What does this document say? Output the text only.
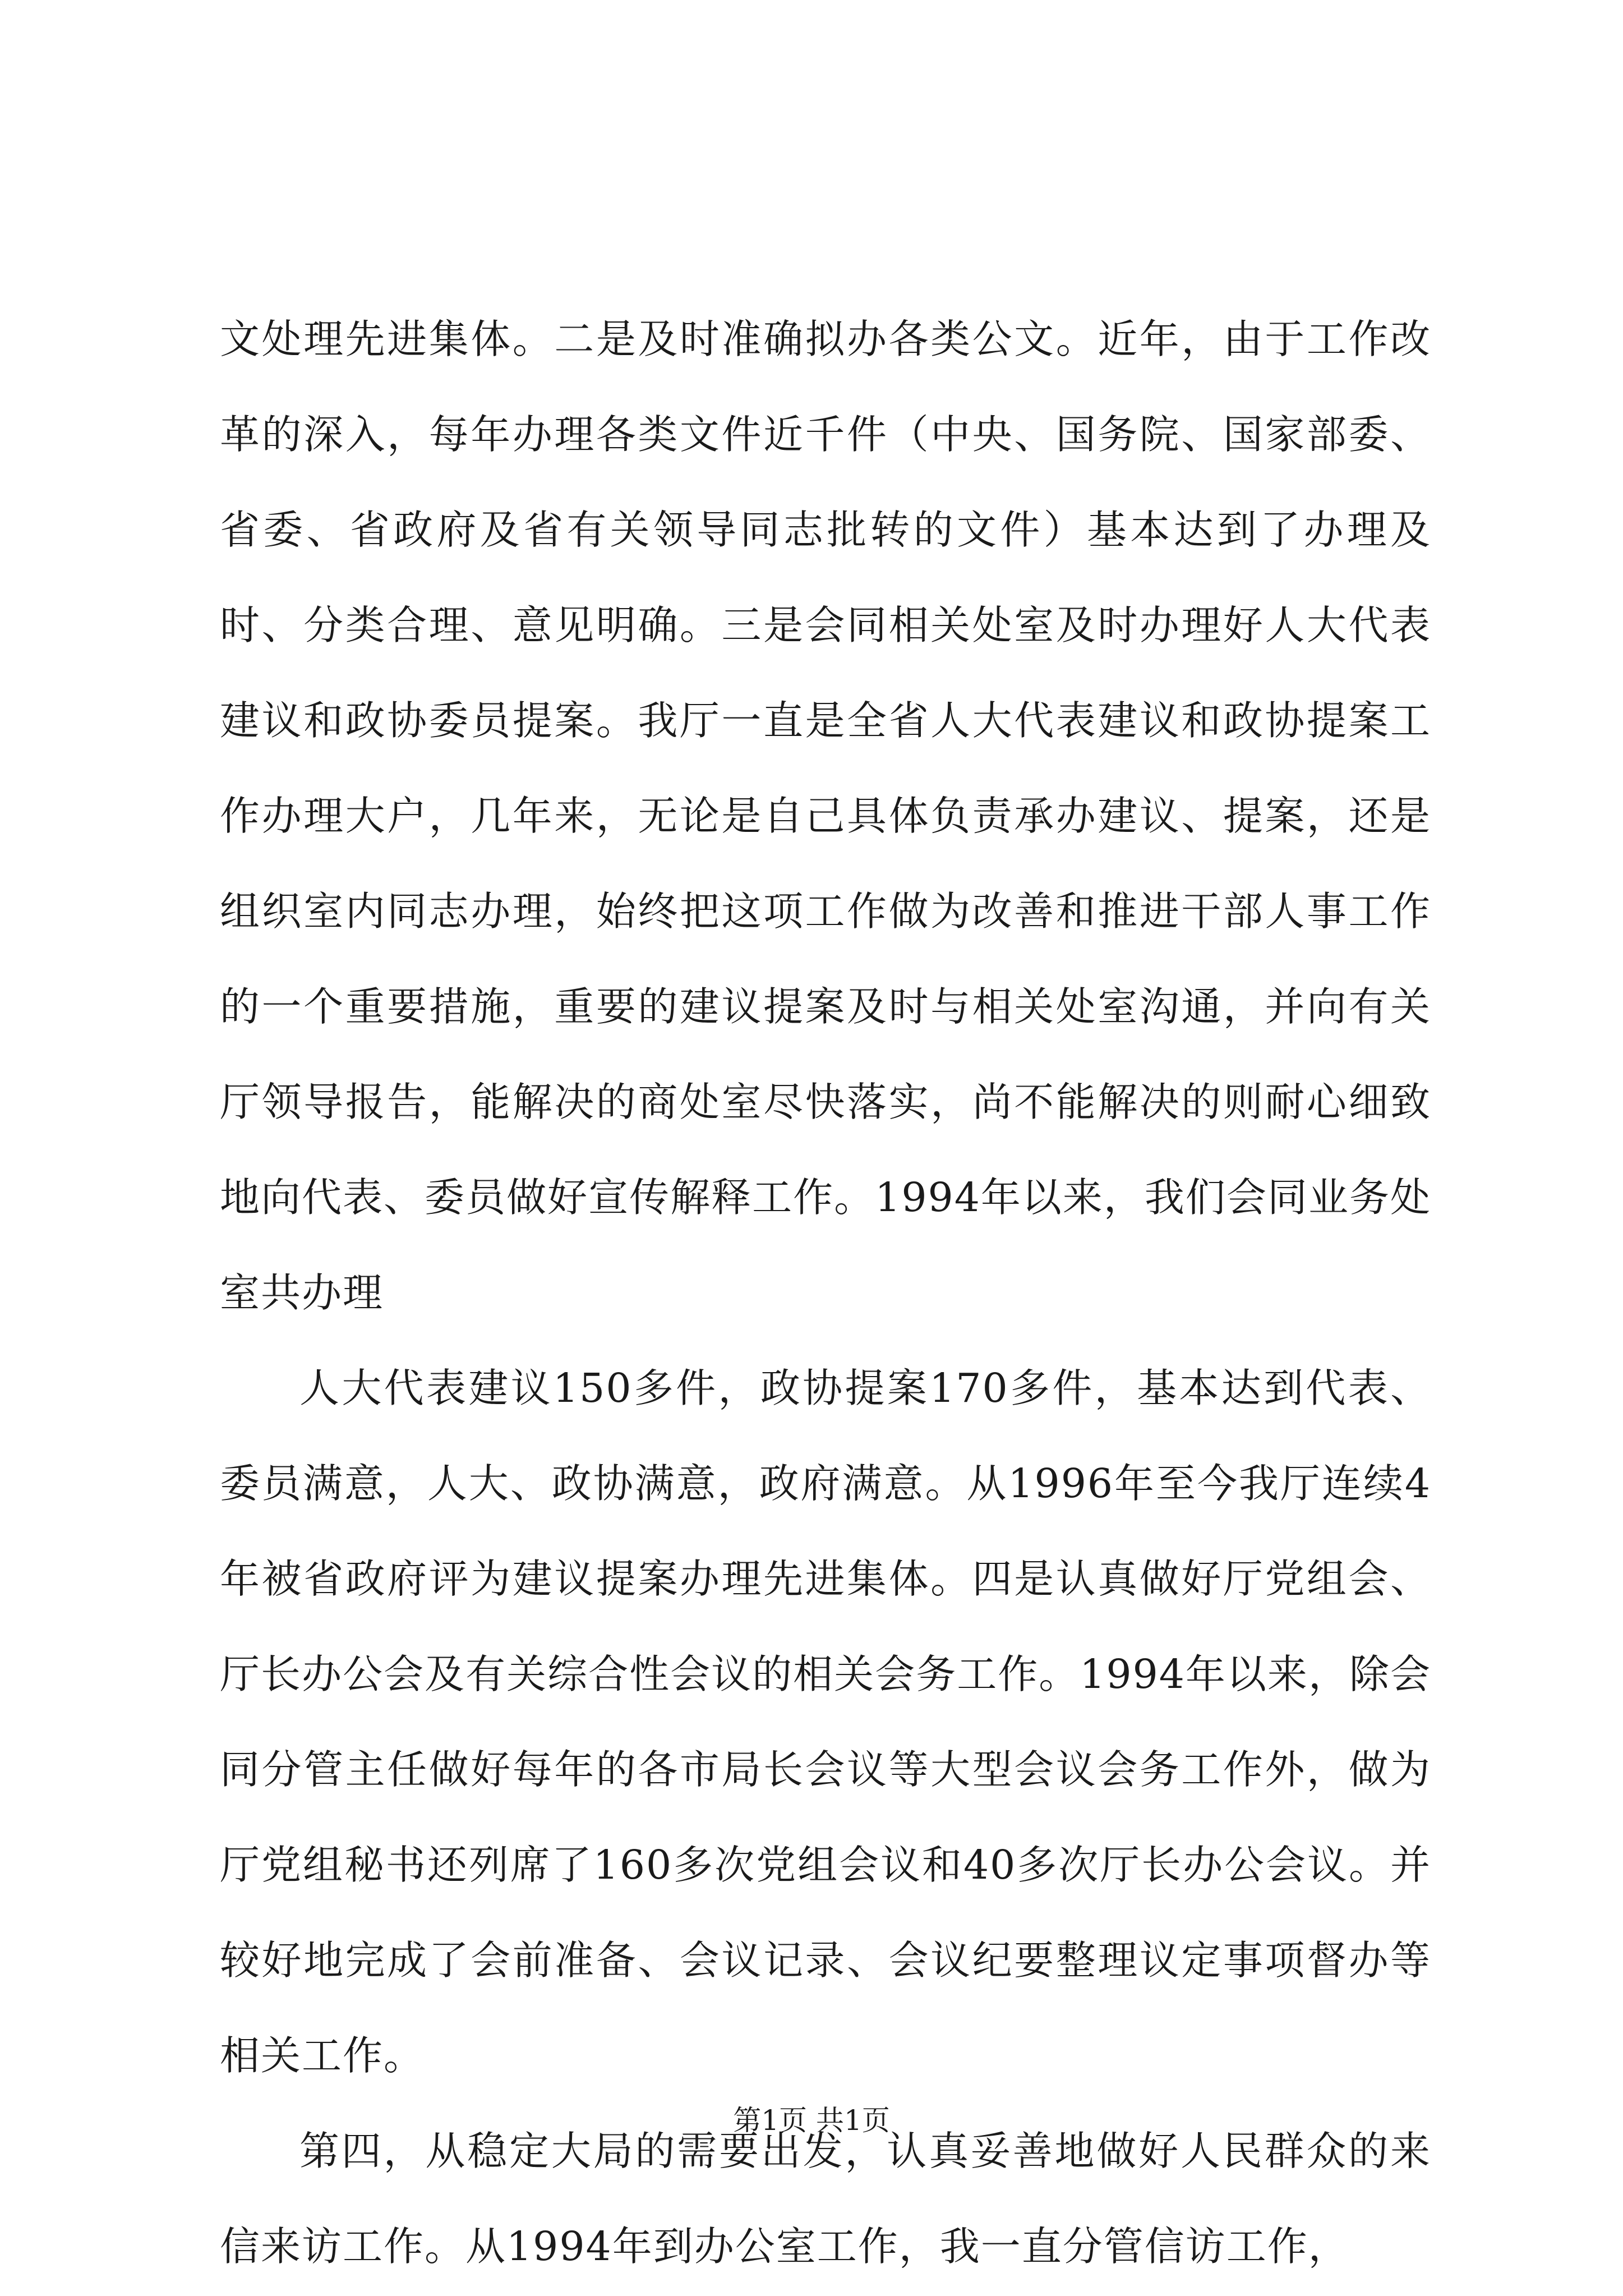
文处理先进集体。二是及时准确拟办各类公文。近年，由于工作改革的深入，每年办理各类文件近千件（中央、国务院、国家部委、省委、省政府及省有关领导同志批转的文件）基本达到了办理及时、分类合理、意见明确。三是会同相关处室及时办理好人大代表建议和政协委员提案。我厅一直是全省人大代表建议和政协提案工作办理大户，几年来，无论是自己具体负责承办建议、提案，还是组织室内同志办理，始终把这项工作做为改善和推进干部人事工作的一个重要措施，重要的建议提案及时与相关处室沟通，并向有关厅领导报告，能解决的商处室尽快落实，尚不能解决的则耐心细致地向代表、委员做好宣传解释工作。1994年以来，我们会同业务处室共办理

人大代表建议150多件，政协提案170多件，基本达到代表、委员满意，人大、政协满意，政府满意。从1996年至今我厅连续4年被省政府评为建议提案办理先进集体。四是认真做好厅党组会、厅长办公会及有关综合性会议的相关会务工作。1994年以来，除会同分管主任做好每年的各市局长会议等大型会议会务工作外，做为厅党组秘书还列席了160多次党组会议和40多次厅长办公会议。并较好地完成了会前准备、会议记录、会议纪要整理议定事项督办等相关工作。

第四，从稳定大局的需要出发，认真妥善地做好人民群众的来信来访工作。从1994年到办公室工作，我一直分管信访工作，

第1页 共1页
